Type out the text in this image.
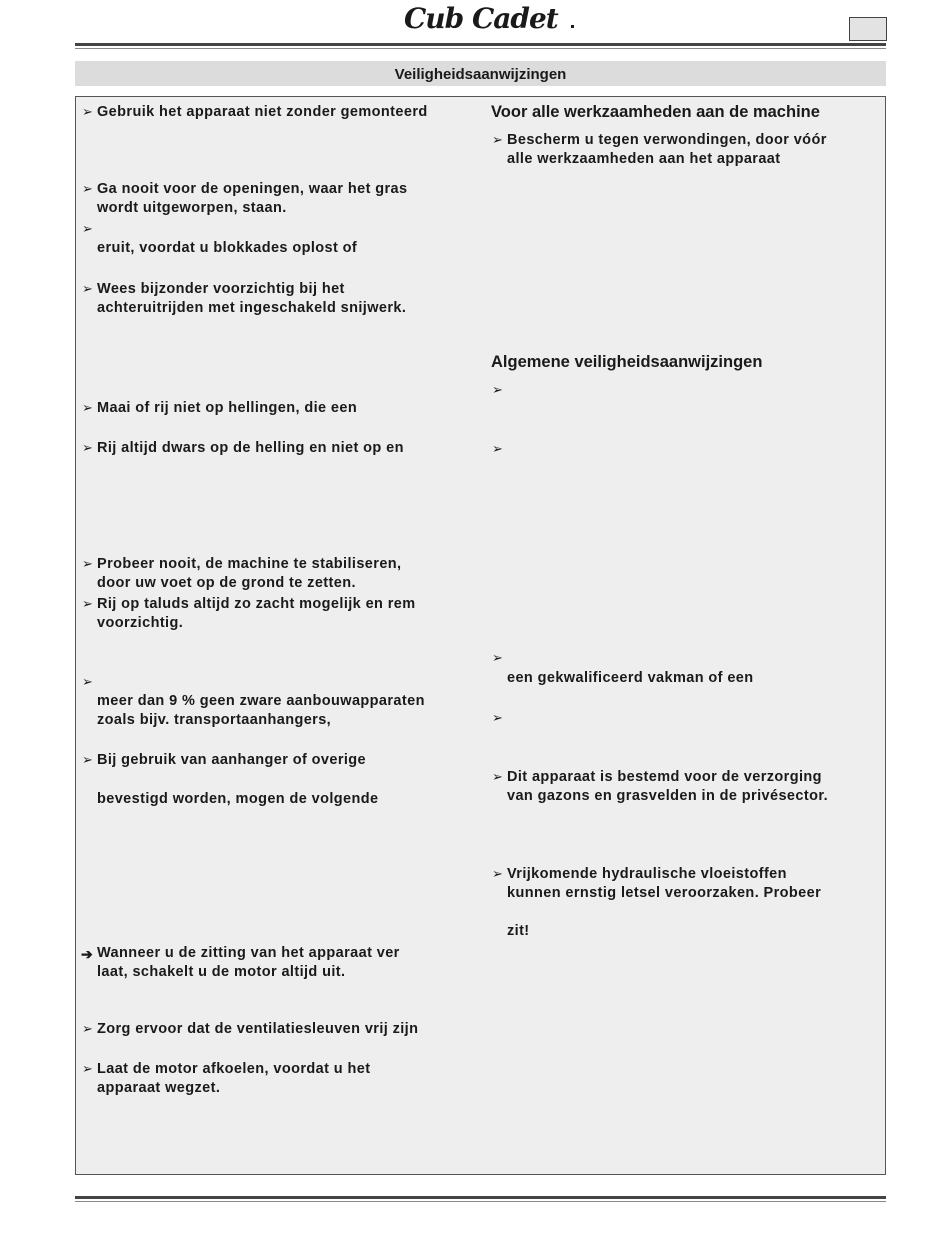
Cub Cadet
Veiligheidsaanwijzingen
➢ Gebruik het apparaat niet zonder gemonteerd
➢ Ga nooit voor de openingen, waar het gras
wordt uitgeworpen, staan.
➢
eruit, voordat u blokkades oplost of
➢ Wees bijzonder voorzichtig bij het
achteruitrijden met ingeschakeld snijwerk.
➢ Maai of rij niet op hellingen, die een
➢ Rij altijd dwars op de helling en niet op en
➢ Probeer nooit, de machine te stabiliseren,
door uw voet op de grond te zetten.
➢ Rij op taluds altijd zo zacht mogelijk en rem
voorzichtig.
➢
meer dan 9 % geen zware aanbouwapparaten
zoals bijv. transportaanhangers,
➢ Bij gebruik van aanhanger of overige
bevestigd worden, mogen de volgende
➔ Wanneer u de zitting van het apparaat ver
laat, schakelt u de motor altijd uit.
➢ Zorg ervoor dat de ventilatiesleuven vrij zijn
➢ Laat de motor afkoelen, voordat u het
apparaat wegzet.
Voor alle werkzaamheden aan de machine
➢ Bescherm u tegen verwondingen, door vóór
alle werkzaamheden aan het apparaat
Algemene veiligheidsaanwijzingen
➢
➢
➢
een gekwalificeerd vakman of een
➢
➢ Dit apparaat is bestemd voor de verzorging
van gazons en grasvelden in de privésector.
➢ Vrijkomende hydraulische vloeistoffen
kunnen ernstig letsel veroorzaken. Probeer
zit!
